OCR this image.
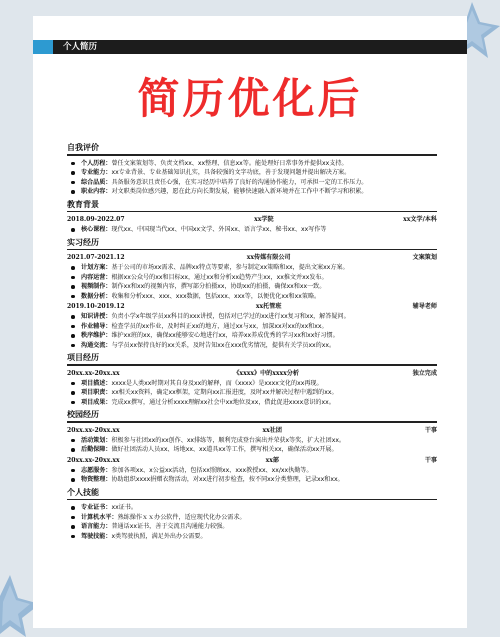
个人简历
简历优化后
自我评价
个人历程：曾任文案策划等、负责文档xx、xx整理、信息xx等。能处理好日常事务并提供xx支持。
专业能力：xx专业背景、专业基础知识扎实，具备较强的文字功底，善于发现问题并提出解决方案。
综合品质：具备服务意识且责任心强，在实习经历中培养了良好的沟通协作能力，可承担一定的工作压力。
职业内容：对文职类岗位感兴趣，愿在此方向长期发展，能够快速融入新环境并在工作中不断学习和积累。
教育背景
2018.09-2022.07	xx学院	xx文学/本科
核心课程：现代xx、中国现当代xx、中国xx文学、外国xx、语言学xx、秘书xx、xx写作等
实习经历
2021.07-2021.12	xx传媒有限公司	文案策划
计划方案：基于公司的市场xx需求、品牌xx特点等要素，参与制定xx策略和xx，提出文案xx方案。
内容运营：根据xx公众号的xx和目标xx，通过xx和分析xx趋势产生xx，xx推文并xx发布。
视频制作：制作xx和xx的视频内容，撰写部分拍摄xx，协助xx的拍摄，确保xx和xx一致。
数据分析：收集和分析xxx、xxx、xxx数据，包括xxx、xxx等，以便优化xx和xx策略。
2019.10-2019.12	xx托管班	辅导老师
知识讲授：负责小学x年级学员xx科目的xxx讲授，包括对已学过的xx进行xx复习和xx，解答疑问。
作业辅导：检查学员的xx作业，及时纠正xx的地方，通过xx与xx，加深xx对xx的xx和xx。
秩序维护：维护xx班的xx，确保xx能够安心地进行xx，培养xx养成优秀的学习xx和xx好习惯。
沟通交流：与学员xx保持良好的xx关系，及时告知xx在xxx优劣情况，提供有关学员xx的xx。
项目经历
20xx.xx-20xx.xx	《xxxx》中的xxxx分析	独立完成
项目描述：xxxx是人类xx时期对其自身及xx的解释，而《xxxx》是xxxx文化的xx再现。
项目职责：xx相关xx资料，确定xx框架，定期向xx汇报进度，及时xx并解决过程中遇到的xx。
项目成果：完成xx撰写，通过分析xxxx理解xx社会中xx地位及xx，借此促进xxxx意识的xx。
校园经历
20xx.xx-20xx.xx	xx社团	干事
活动策划：积极参与社团xx的xx创作、xx排练等，顺利完成登台演出并荣获x等奖，扩大社团xx。
后勤保障：做好社团活动人员xx、场地xx、xx道具xx等工作，撰写相关xx，确保活动xx开展。
20xx.xx-20xx.xx	xx部	干事
志愿服务：参加各项xx、x公益xx活动，包括xx照顾xx、xxx教授xx、xx/xx执勤等。
物资整理：协助组织xxxx捐赠衣物活动，对xx进行初步检查，按不同xx分类整理，记录xx和xx。
个人技能
专业证书：xx证书。
计算机水平：熟练操作ｘｘ办公软件，适应现代化办公需求。
语言能力：普通话xx证书，善于交流且沟通能力较强。
驾驶技能：x类驾驶执照，满足外出办公需要。
